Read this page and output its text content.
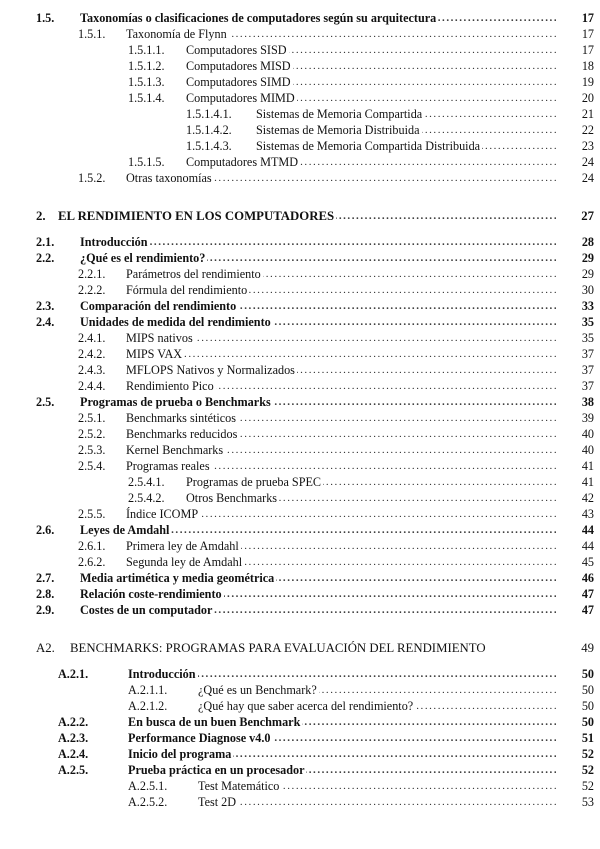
1.5. Taxonomías o clasificaciones de computadores según su arquitectura . . .	17
1.5.1. Taxonomía de Flynn . . .	17
1.5.1.1. Computadores SISD . . .	17
1.5.1.2. Computadores MISD . . .	18
1.5.1.3. Computadores SIMD . . .	19
1.5.1.4. Computadores MIMD . . .	20
1.5.1.4.1. Sistemas de Memoria Compartida . . .	21
1.5.1.4.2. Sistemas de Memoria Distribuida . . .	22
1.5.1.4.3. Sistemas de Memoria Compartida Distribuida . . .	23
1.5.1.5. Computadores MTMD . . .	24
1.5.2. Otras taxonomías . . .	24
2. EL RENDIMIENTO EN LOS COMPUTADORES . . .	27
2.1. Introducción . . .	28
2.2. ¿Qué es el rendimiento? . . .	29
2.2.1. Parámetros del rendimiento . . .	29
2.2.2. Fórmula del rendimiento . . .	30
2.3. Comparación del rendimiento . . .	33
2.4. Unidades de medida del rendimiento . . .	35
2.4.1. MIPS nativos . . .	35
2.4.2. MIPS VAX . . .	37
2.4.3. MFLOPS Nativos y Normalizados . . .	37
2.4.4. Rendimiento Pico . . .	37
2.5. Programas de prueba o Benchmarks . . .	38
2.5.1. Benchmarks sintéticos . . .	39
2.5.2. Benchmarks reducidos . . .	40
2.5.3. Kernel Benchmarks . . .	40
2.5.4. Programas reales . . .	41
2.5.4.1. Programas de prueba SPEC . . .	41
2.5.4.2. Otros Benchmarks . . .	42
2.5.5. Índice ICOMP . . .	43
2.6. Leyes de Amdahl . . .	44
2.6.1. Primera ley de Amdahl . . .	44
2.6.2. Segunda ley de Amdahl . . .	45
2.7. Media artimética y media geométrica . . .	46
2.8. Relación coste-rendimiento . . .	47
2.9. Costes de un computador . . .	47
A2. BENCHMARKS: PROGRAMAS PARA EVALUACIÓN DEL RENDIMIENTO	49
A.2.1.	Introducción . . .	50
A.2.1.1.	¿Qué es un Benchmark? . . .	50
A.2.1.2.	¿Qué hay que saber acerca del rendimiento? . . .	50
A.2.2.	En busca de un buen Benchmark . . .	50
A.2.3.	Performance Diagnose v4.0 . . .	51
A.2.4.	Inicio del programa . . .	52
A.2.5.	Prueba práctica en un procesador . . .	52
A.2.5.1.	Test Matemático . . .	52
A.2.5.2.	Test 2D . . .	53
